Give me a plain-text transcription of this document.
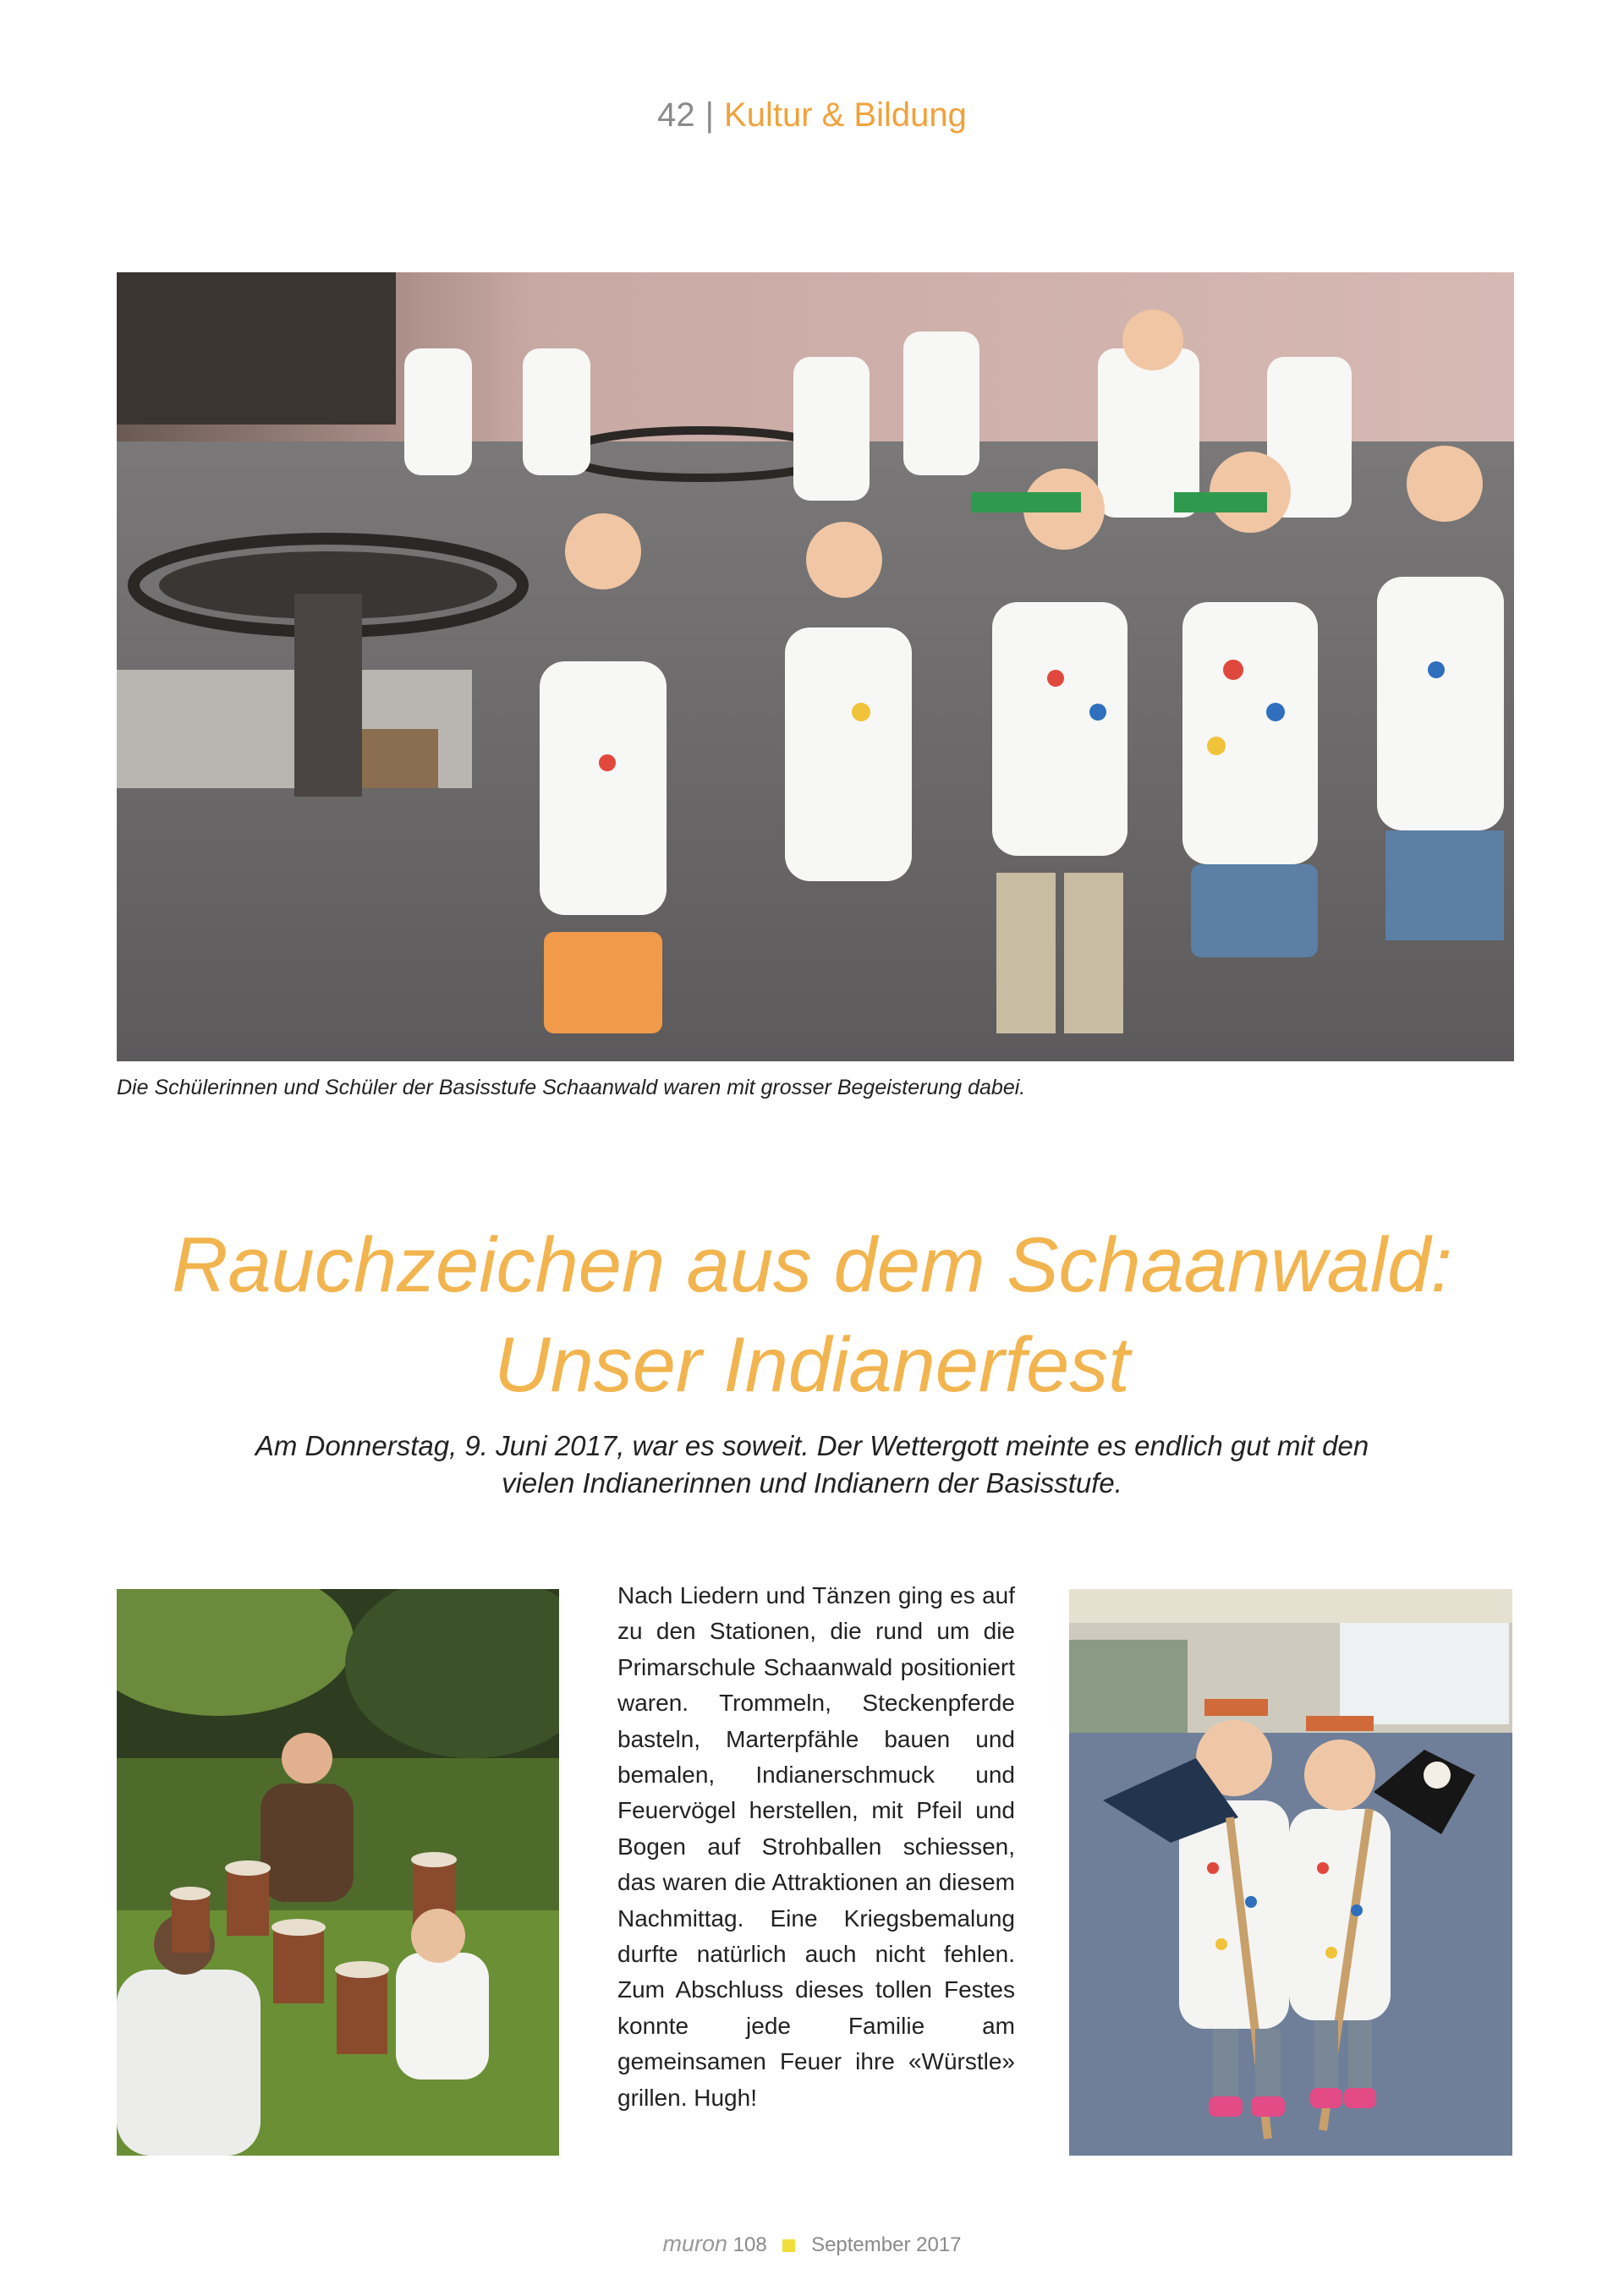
42 | Kultur & Bildung
Die Schülerinnen und Schüler der Basisstufe Schaanwald waren mit grosser Begeisterung dabei.
Rauchzeichen aus dem Schaanwald:
Unser Indianerfest
Am Donnerstag, 9. Juni 2017, war es soweit. Der Wettergott meinte es endlich gut mit den
vielen Indianerinnen und Indianern der Basisstufe.
Nach Liedern und Tänzen ging es auf zu den Stationen, die rund um die Primarschule Schaanwald positioniert waren. Trommeln, Steckenpferde basteln, Marterpfähle bauen und bemalen, Indianerschmuck und Feuervögel herstellen, mit Pfeil und Bogen auf Strohballen schiessen, das waren die Attraktionen an diesem Nachmittag. Eine Kriegsbemalung durfte natürlich auch nicht fehlen. Zum Abschluss dieses tollen Festes konnte jede Familie am gemeinsamen Feuer ihre «Würstle» grillen. Hugh!
muron 108 September 2017
